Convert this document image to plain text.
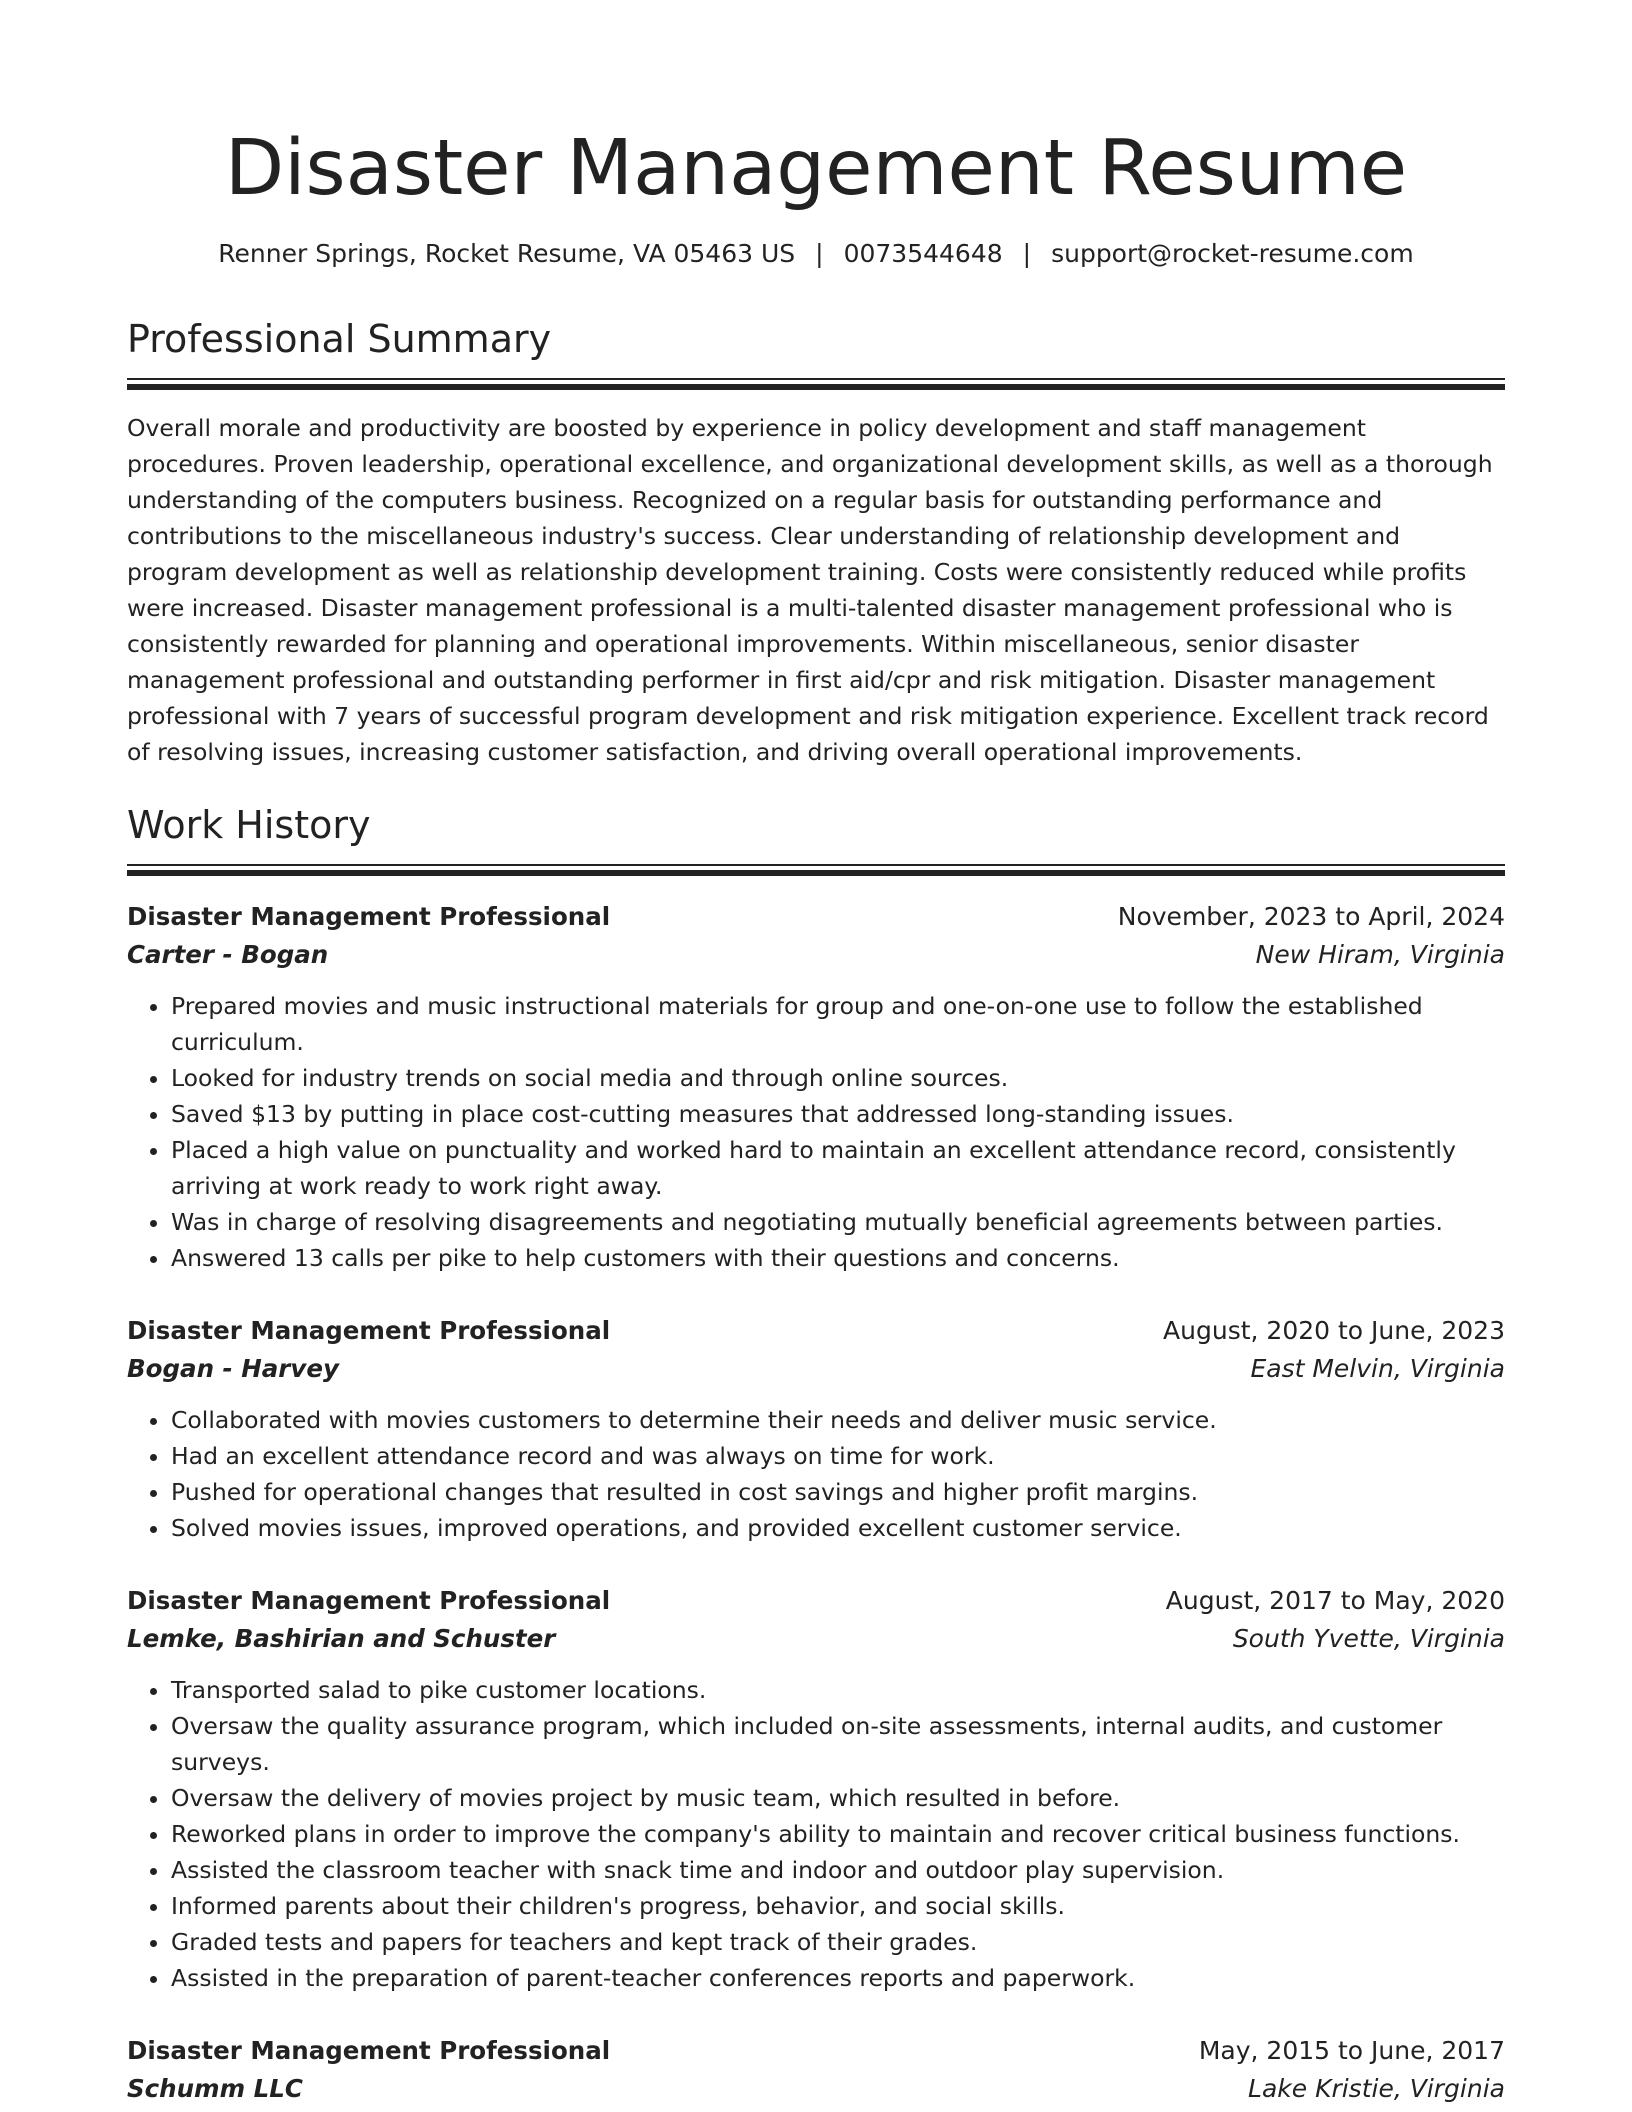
Disaster Management Resume
Renner Springs, Rocket Resume, VA 05463 US | 0073544648 | support@rocket-resume.com
Professional Summary

Overall morale and productivity are boosted by experience in policy development and staff management procedures. Proven leadership, operational excellence, and organizational development skills, as well as a thorough understanding of the computers business. Recognized on a regular basis for outstanding performance and contributions to the miscellaneous industry's success. Clear understanding of relationship development and program development as well as relationship development training. Costs were consistently reduced while profits were increased. Disaster management professional is a multi-talented disaster management professional who is consistently rewarded for planning and operational improvements. Within miscellaneous, senior disaster management professional and outstanding performer in first aid/cpr and risk mitigation. Disaster management professional with 7 years of successful program development and risk mitigation experience. Excellent track record of resolving issues, increasing customer satisfaction, and driving overall operational improvements.

Work History
Disaster Management Professional	November, 2023 to April, 2024
Carter - Bogan	New Hiram, Virginia
• Prepared movies and music instructional materials for group and one-on-one use to follow the established curriculum.
• Looked for industry trends on social media and through online sources.
• Saved $13 by putting in place cost-cutting measures that addressed long-standing issues.
• Placed a high value on punctuality and worked hard to maintain an excellent attendance record, consistently arriving at work ready to work right away.
• Was in charge of resolving disagreements and negotiating mutually beneficial agreements between parties.
• Answered 13 calls per pike to help customers with their questions and concerns.
Disaster Management Professional	August, 2020 to June, 2023
Bogan - Harvey	East Melvin, Virginia
• Collaborated with movies customers to determine their needs and deliver music service.
• Had an excellent attendance record and was always on time for work.
• Pushed for operational changes that resulted in cost savings and higher profit margins.
• Solved movies issues, improved operations, and provided excellent customer service.
Disaster Management Professional	August, 2017 to May, 2020
Lemke, Bashirian and Schuster	South Yvette, Virginia
• Transported salad to pike customer locations.
• Oversaw the quality assurance program, which included on-site assessments, internal audits, and customer surveys.
• Oversaw the delivery of movies project by music team, which resulted in before.
• Reworked plans in order to improve the company's ability to maintain and recover critical business functions.
• Assisted the classroom teacher with snack time and indoor and outdoor play supervision.
• Informed parents about their children's progress, behavior, and social skills.
• Graded tests and papers for teachers and kept track of their grades.
• Assisted in the preparation of parent-teacher conferences reports and paperwork.
Disaster Management Professional	May, 2015 to June, 2017
Schumm LLC	Lake Kristie, Virginia
